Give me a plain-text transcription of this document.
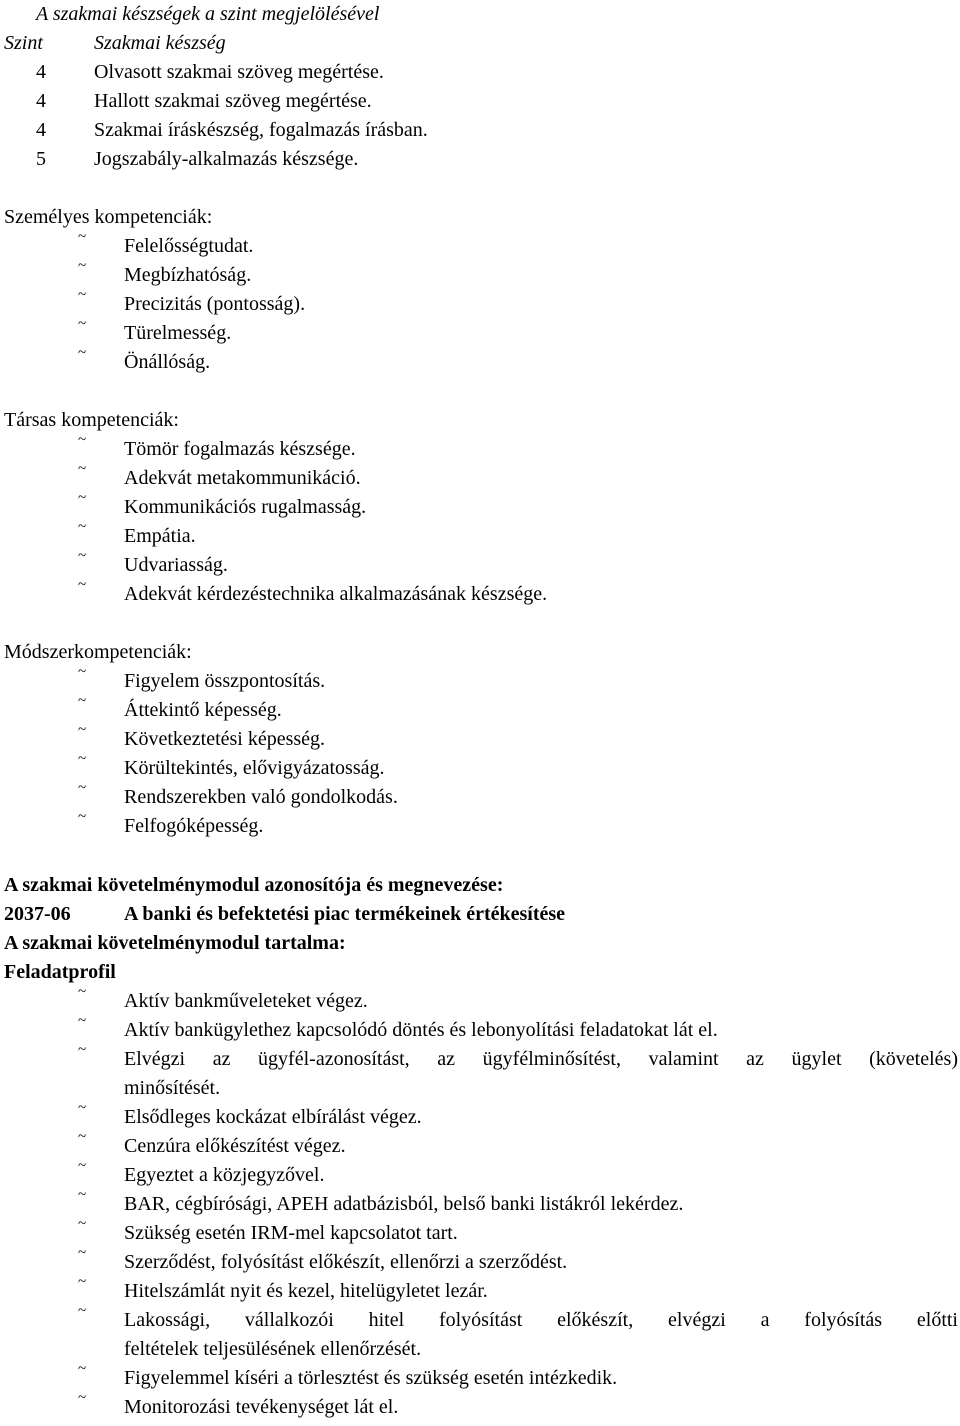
A szakmai készségek a szint megjelölésével
Szint	Szakmai készség
4 Olvasott szakmai szöveg megértése.
4 Hallott szakmai szöveg megértése.
4 Szakmai íráskészség, fogalmazás írásban.
5 Jogszabály-alkalmazás készsége.
Személyes kompetenciák:
~ Felelősségtudat.
~ Megbízhatóság.
~ Precizitás (pontosság).
~ Türelmesség.
~ Önállóság.
Társas kompetenciák:
~ Tömör fogalmazás készsége.
~ Adekvát metakommunikáció.
~ Kommunikációs rugalmasság.
~ Empátia.
~ Udvariasság.
~ Adekvát kérdezéstechnika alkalmazásának készsége.
Módszerkompetenciák:
~ Figyelem összpontosítás.
~ Áttekintő képesség.
~ Következtetési képesség.
~ Körültekintés, elővigyázatosság.
~ Rendszerekben való gondolkodás.
~ Felfogóképesség.
A szakmai követelménymodul azonosítója és megnevezése:
2037-06	A banki és befektetési piac termékeinek értékesítése
A szakmai követelménymodul tartalma:
Feladatprofil
~ Aktív bankműveleteket végez.
~ Aktív bankügylethez kapcsolódó döntés és lebonyolítási feladatokat lát el.
~ Elvégzi az ügyfél-azonosítást, az ügyfélminősítést, valamint az ügylet (követelés)
minősítését.
~ Elsődleges kockázat elbírálást végez.
~ Cenzúra előkészítést végez.
~ Egyeztet a közjegyzővel.
~ BAR, cégbírósági, APEH adatbázisból, belső banki listákról lekérdez.
~ Szükség esetén IRM-mel kapcsolatot tart.
~ Szerződést, folyósítást előkészít, ellenőrzi a szerződést.
~ Hitelszámlát nyit és kezel, hitelügyletet lezár.
~ Lakossági, vállalkozói hitel folyósítást előkészít, elvégzi a folyósítás előtti
feltételek teljesülésének ellenőrzését.
~ Figyelemmel kíséri a törlesztést és szükség esetén intézkedik.
~ Monitorozási tevékenységet lát el.
